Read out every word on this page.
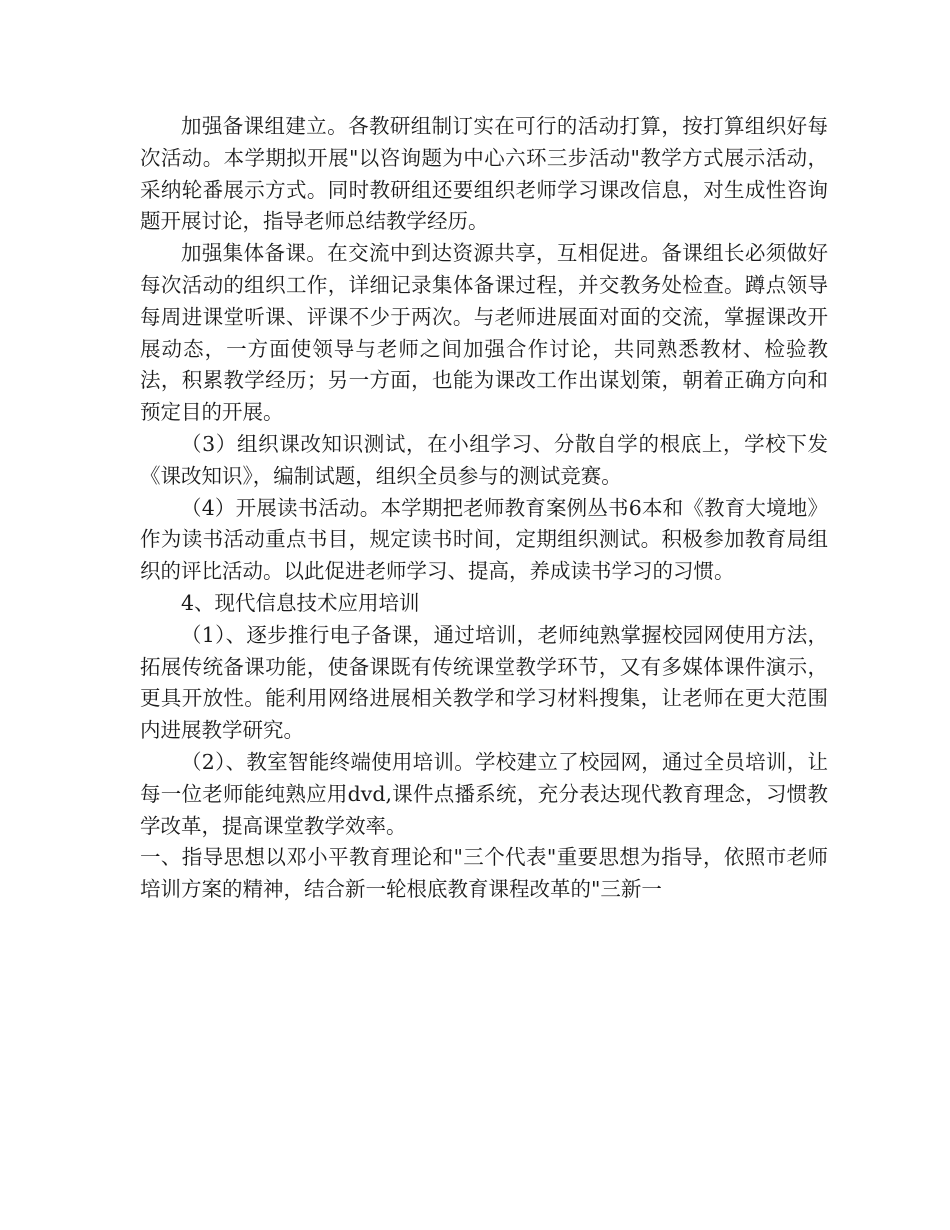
加强备课组建立。各教研组制订实在可行的活动打算，按打算组织好每次活动。本学期拟开展"以咨询题为中心六环三步活动"教学方式展示活动，采纳轮番展示方式。同时教研组还要组织老师学习课改信息，对生成性咨询题开展讨论，指导老师总结教学经历。

加强集体备课。在交流中到达资源共享，互相促进。备课组长必须做好每次活动的组织工作，详细记录集体备课过程，并交教务处检查。蹲点领导每周进课堂听课、评课不少于两次。与老师进展面对面的交流，掌握课改开展动态，一方面使领导与老师之间加强合作讨论，共同熟悉教材、检验教法，积累教学经历；另一方面，也能为课改工作出谋划策，朝着正确方向和预定目的开展。

（3）组织课改知识测试，在小组学习、分散自学的根底上，学校下发《课改知识》，编制试题，组织全员参与的测试竞赛。

（4）开展读书活动。本学期把老师教育案例丛书6本和《教育大境地》作为读书活动重点书目，规定读书时间，定期组织测试。积极参加教育局组织的评比活动。以此促进老师学习、提高，养成读书学习的习惯。

4、现代信息技术应用培训

（1）、逐步推行电子备课，通过培训，老师纯熟掌握校园网使用方法，拓展传统备课功能，使备课既有传统课堂教学环节，又有多媒体课件演示，更具开放性。能利用网络进展相关教学和学习材料搜集，让老师在更大范围内进展教学研究。

（2）、教室智能终端使用培训。学校建立了校园网，通过全员培训，让每一位老师能纯熟应用dvd,课件点播系统，充分表达现代教育理念，习惯教学改革，提高课堂教学效率。

一、指导思想以邓小平教育理论和"三个代表"重要思想为指导，依照市老师培训方案的精神，结合新一轮根底教育课程改革的"三新一
